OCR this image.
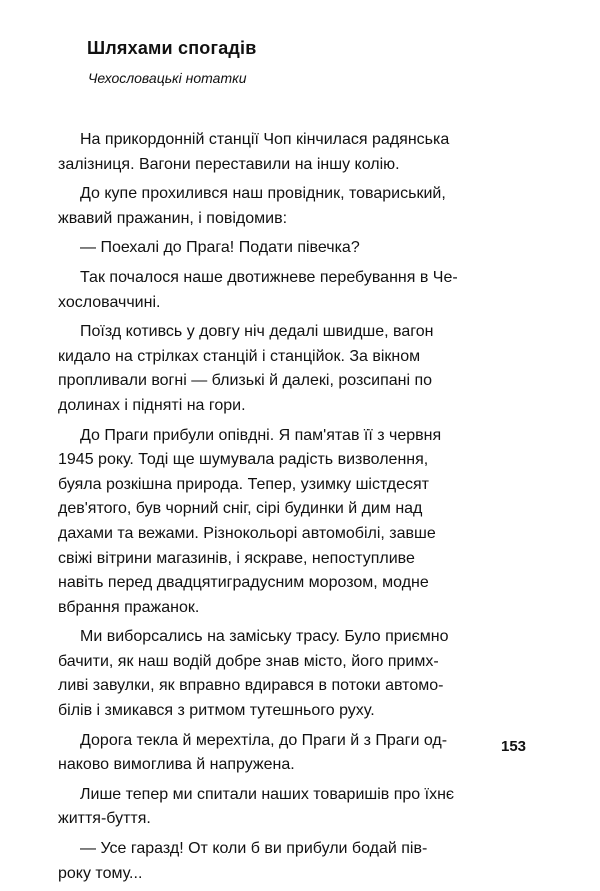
Шляхами спогадів
Чехословацькі нотатки

На прикордонній станції Чоп кінчилася радянська
залізниця. Вагони переставили на іншу колію.

До купе прохилився наш провідник, товариський,
жвавий пражанин, і повідомив:

— Поехалі до Прага! Подати півечка?

Так почалося наше двотижневе перебування в Че-
хословаччині.

Поїзд котивсь у довгу ніч дедалі швидше, вагон
кидало на стрілках станцій і станційок. За вікном
пропливали вогні — близькі й далекі, розсипані по
долинах і підняті на гори.

До Праги прибули опівдні. Я пам'ятав її з червня
1945 року. Тоді ще шумувала радість визволення,
буяла розкішна природа. Тепер, узимку шістдесят
дев'ятого, був чорний сніг, сірі будинки й дим над
дахами та вежами. Різнокольорі автомобілі, завше
свіжі вітрини магазинів, і яскраве, непоступливе
навіть перед двадцятиградусним морозом, модне
вбрання пражанок.

Ми виборсались на заміську трасу. Було приємно
бачити, як наш водій добре знав місто, його примх-
ливі завулки, як вправно вдирався в потоки автомо-
білів і змикався з ритмом тутешнього руху.

Дорога текла й мерехтіла, до Праги й з Праги од-
наково вимоглива й напружена.

Лише тепер ми спитали наших товаришів про їхнє
життя-буття.

— Усе гаразд! От коли б ви прибули бодай пів-
року тому...

153
